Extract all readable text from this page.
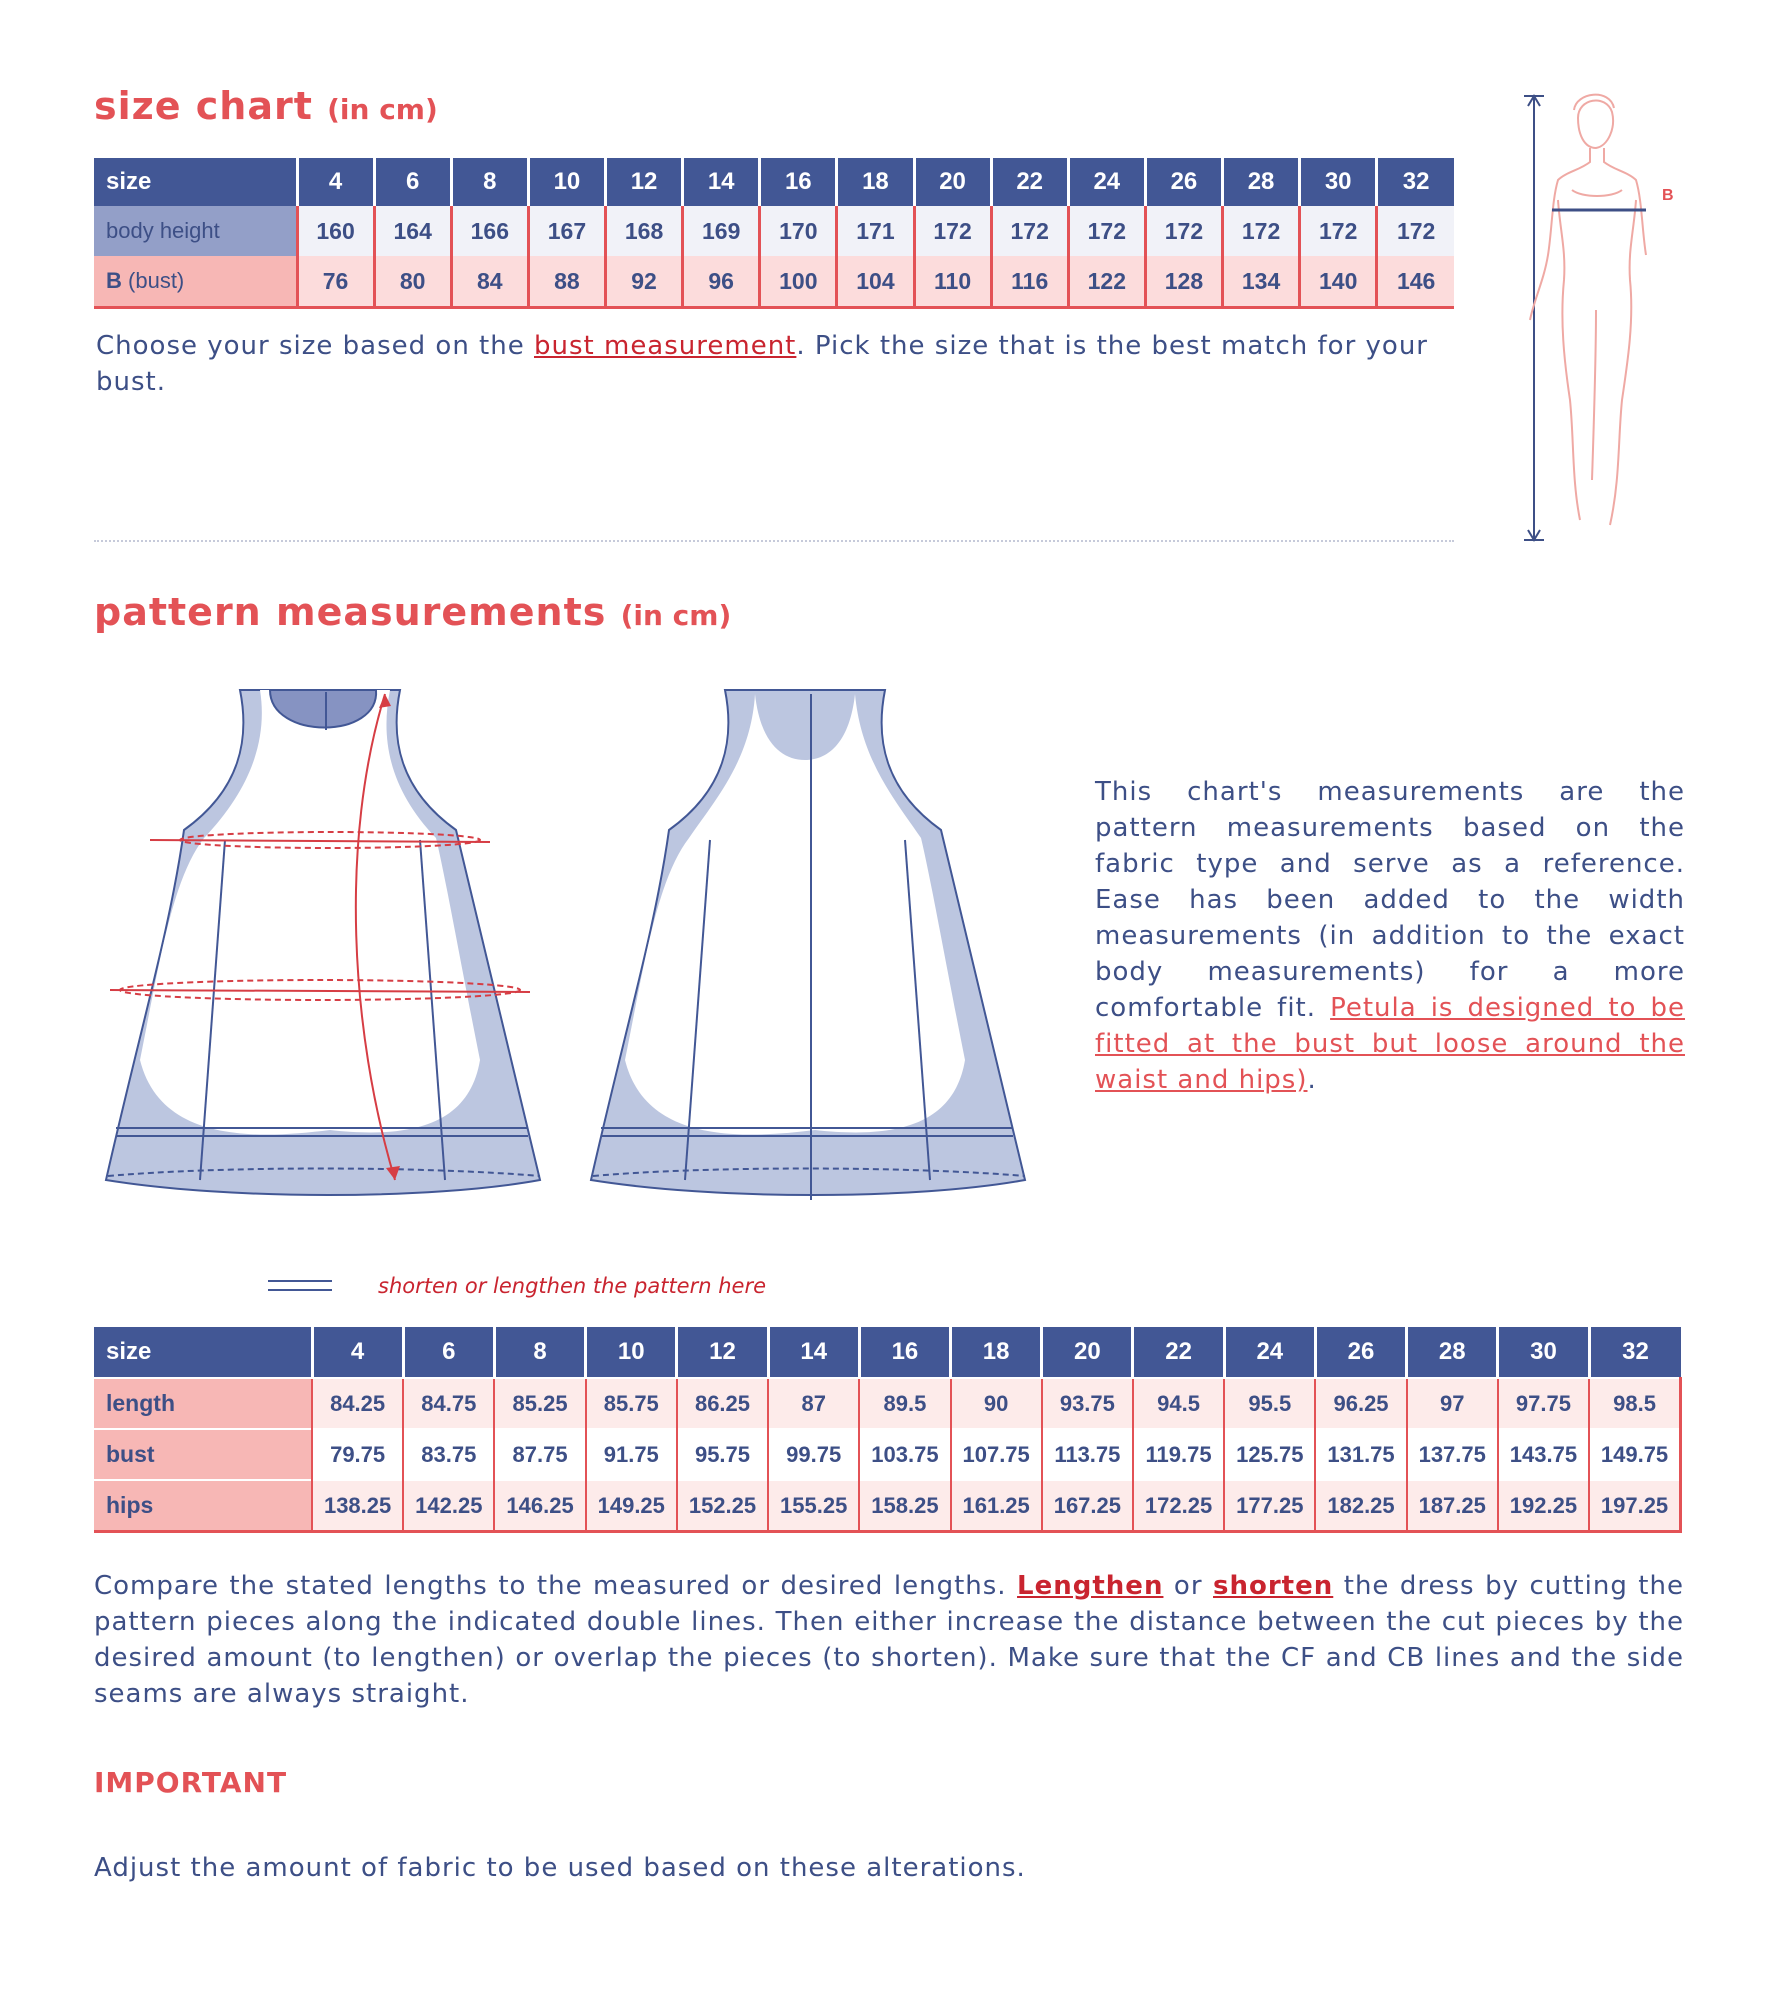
size chart (in cm)
size	4	6	8	10	12	14	16	18	20	22	24	26	28	30	32
body height	160	164	166	167	168	169	170	171	172	172	172	172	172	172	172
B (bust)	76	80	84	88	92	96	100	104	110	116	122	128	134	140	146
Choose your size based on the bust measurement. Pick the size that is the best match for your bust.
B
pattern measurements (in cm)
This chart's measurements are the pattern measurements based on the fabric type and serve as a reference. Ease has been added to the width measurements (in addition to the exact body measurements) for a more comfortable fit. Petula is designed to be fitted at the bust but loose around the waist and hips).
shorten or lengthen the pattern here
size	4	6	8	10	12	14	16	18	20	22	24	26	28	30	32
length	84.25	84.75	85.25	85.75	86.25	87	89.5	90	93.75	94.5	95.5	96.25	97	97.75	98.5
bust	79.75	83.75	87.75	91.75	95.75	99.75	103.75	107.75	113.75	119.75	125.75	131.75	137.75	143.75	149.75
hips	138.25	142.25	146.25	149.25	152.25	155.25	158.25	161.25	167.25	172.25	177.25	182.25	187.25	192.25	197.25
Compare the stated lengths to the measured or desired lengths. Lengthen or shorten the dress by cutting the pattern pieces along the indicated double lines. Then either increase the distance between the cut pieces by the desired amount (to lengthen) or overlap the pieces (to shorten). Make sure that the CF and CB lines and the side seams are always straight.
IMPORTANT
Adjust the amount of fabric to be used based on these alterations.
